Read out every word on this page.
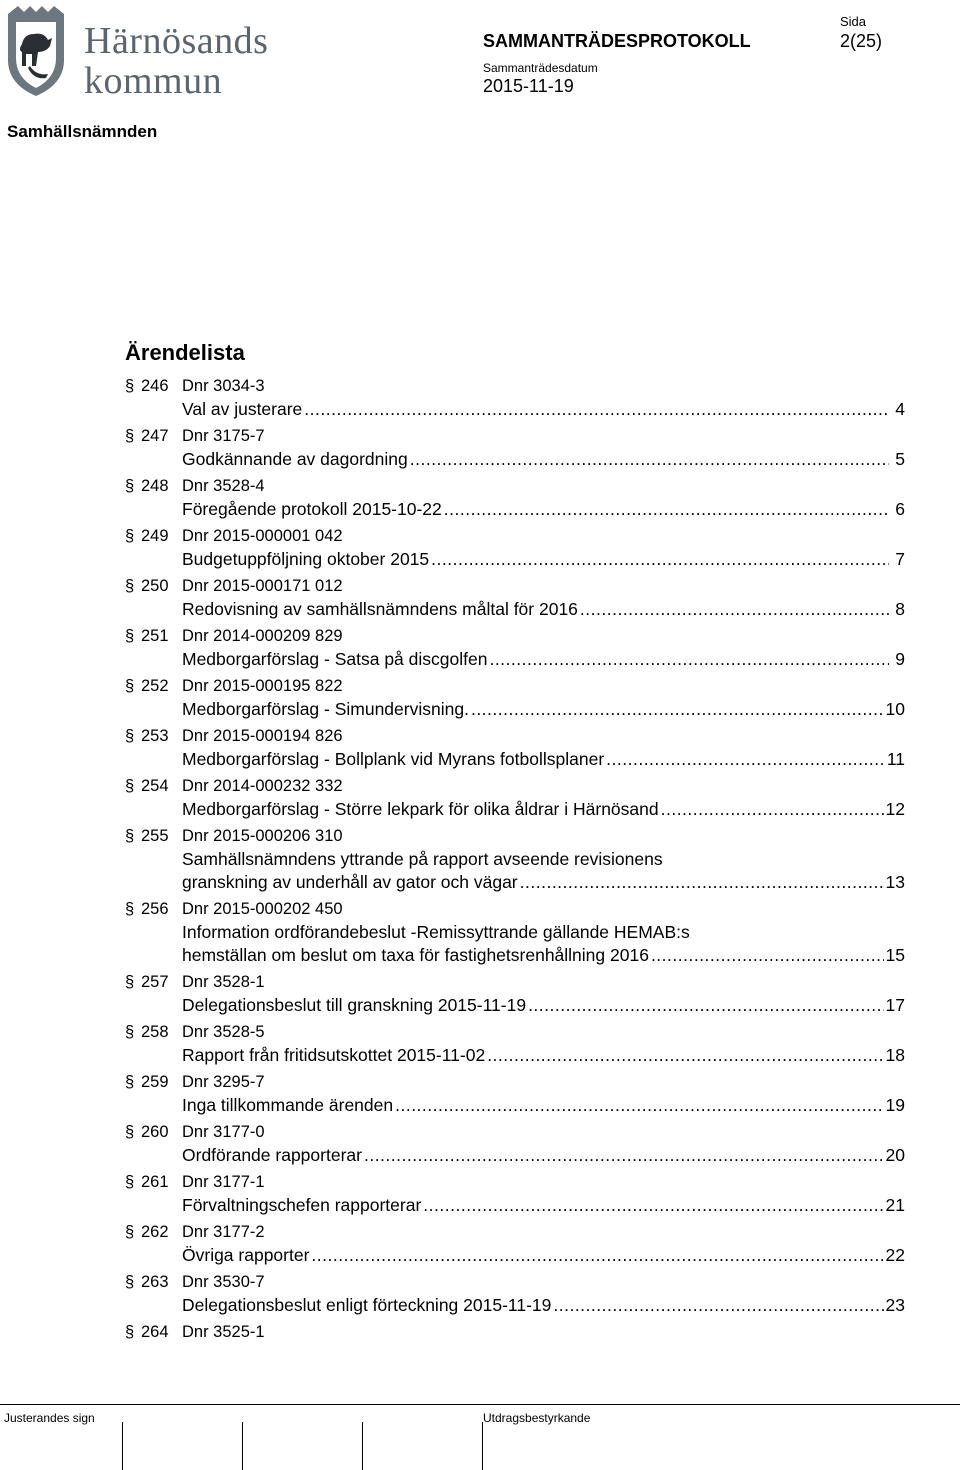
Härnösands
kommun
SAMMANTRÄDESPROTOKOLL
Sida
2(25)
Sammanträdesdatum
2015-11-19
Samhällsnämnden
Ärendelista
§ 246 Dnr 3034-3
Val av justerare .....	4
§ 247 Dnr 3175-7
Godkännande av dagordning .....	5
§ 248 Dnr 3528-4
Föregående protokoll 2015-10-22 .....	6
§ 249 Dnr 2015-000001 042
Budgetuppföljning oktober 2015 .....	7
§ 250 Dnr 2015-000171 012
Redovisning av samhällsnämndens måltal för 2016 .....	8
§ 251 Dnr 2014-000209 829
Medborgarförslag - Satsa på discgolfen .....	9
§ 252 Dnr 2015-000195 822
Medborgarförslag - Simundervisning. .....	10
§ 253 Dnr 2015-000194 826
Medborgarförslag - Bollplank vid Myrans fotbollsplaner .....	11
§ 254 Dnr 2014-000232 332
Medborgarförslag - Större lekpark för olika åldrar i Härnösand .....	12
§ 255 Dnr 2015-000206 310
Samhällsnämndens yttrande på rapport avseende revisionens
granskning av underhåll av gator och vägar .....	13
§ 256 Dnr 2015-000202 450
Information ordförandebeslut -Remissyttrande gällande HEMAB:s
hemställan om beslut om taxa för fastighetsrenhållning 2016 .....	15
§ 257 Dnr 3528-1
Delegationsbeslut till granskning 2015-11-19 .....	17
§ 258 Dnr 3528-5
Rapport från fritidsutskottet 2015-11-02 .....	18
§ 259 Dnr 3295-7
Inga tillkommande ärenden .....	19
§ 260 Dnr 3177-0
Ordförande rapporterar .....	20
§ 261 Dnr 3177-1
Förvaltningschefen rapporterar .....	21
§ 262 Dnr 3177-2
Övriga rapporter .....	22
§ 263 Dnr 3530-7
Delegationsbeslut enligt förteckning 2015-11-19 .....	23
§ 264 Dnr 3525-1
Justerandes sign	Utdragsbestyrkande
